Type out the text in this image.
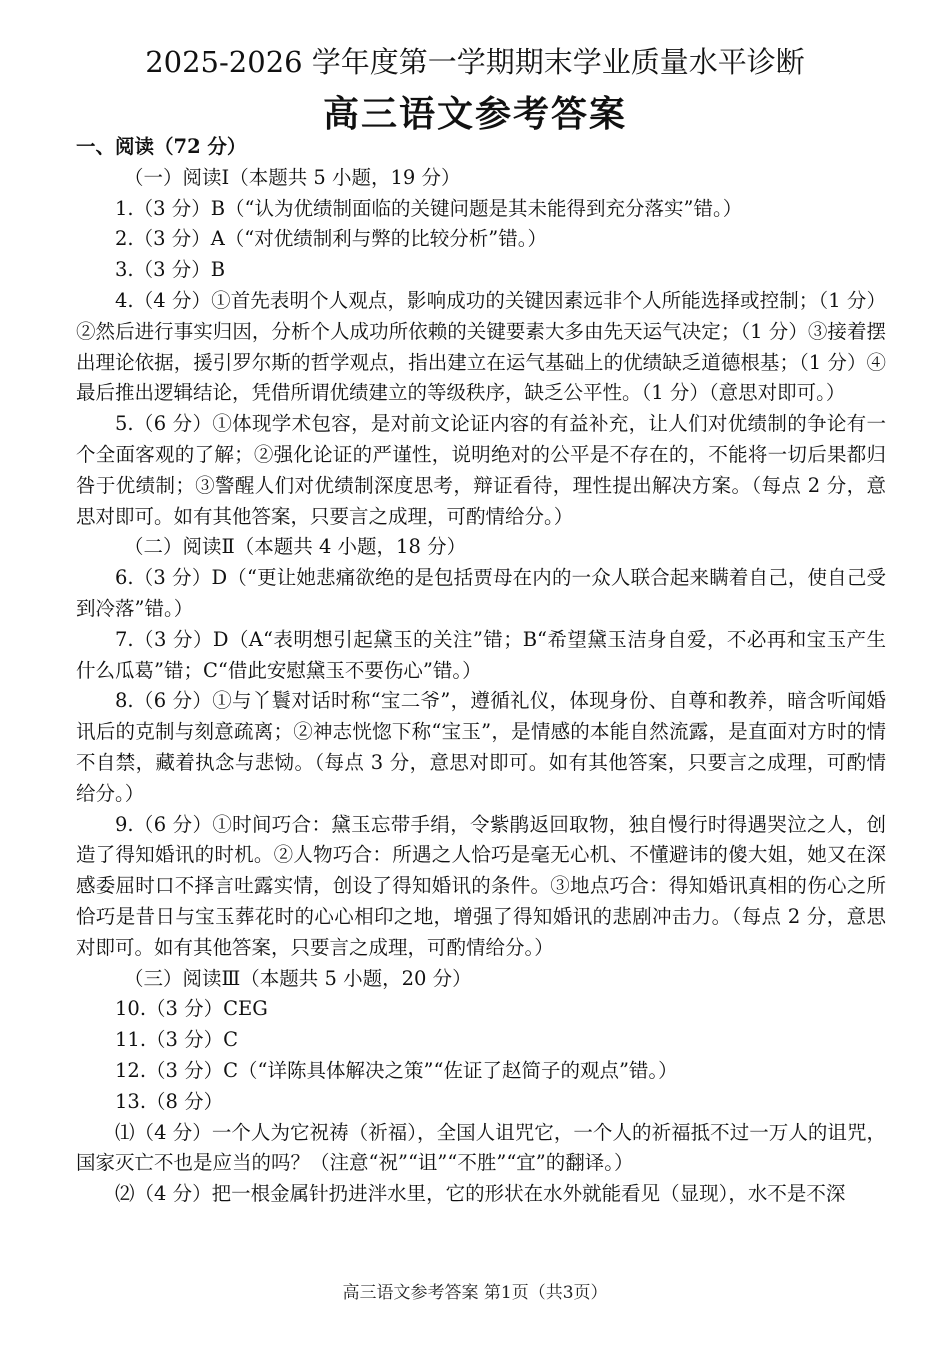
2025-2026 学年度第一学期期末学业质量水平诊断
高三语文参考答案

一、阅读（72 分）

（一）阅读Ⅰ（本题共 5 小题，19 分）

1.（3 分）B（“认为优绩制面临的关键问题是其未能得到充分落实”错。）

2.（3 分）A（“对优绩制利与弊的比较分析”错。）

3.（3 分）B

4.（4 分）①首先表明个人观点，影响成功的关键因素远非个人所能选择或控制；（1 分）②然后进行事实归因，分析个人成功所依赖的关键要素大多由先天运气决定；（1 分）③接着摆出理论依据，援引罗尔斯的哲学观点，指出建立在运气基础上的优绩缺乏道德根基；（1 分）④最后推出逻辑结论，凭借所谓优绩建立的等级秩序，缺乏公平性。（1 分）（意思对即可。）

5.（6 分）①体现学术包容，是对前文论证内容的有益补充，让人们对优绩制的争论有一个全面客观的了解；②强化论证的严谨性，说明绝对的公平是不存在的，不能将一切后果都归咎于优绩制；③警醒人们对优绩制深度思考，辩证看待，理性提出解决方案。（每点 2 分，意思对即可。如有其他答案，只要言之成理，可酌情给分。）

（二）阅读Ⅱ（本题共 4 小题，18 分）

6.（3 分）D（“更让她悲痛欲绝的是包括贾母在内的一众人联合起来瞒着自己，使自己受到冷落”错。）

7.（3 分）D（A“表明想引起黛玉的关注”错；B“希望黛玉洁身自爱，不必再和宝玉产生什么瓜葛”错；C“借此安慰黛玉不要伤心”错。）

8.（6 分）①与丫鬟对话时称“宝二爷”，遵循礼仪，体现身份、自尊和教养，暗含听闻婚讯后的克制与刻意疏离；②神志恍惚下称“宝玉”，是情感的本能自然流露，是直面对方时的情不自禁，藏着执念与悲恸。（每点 3 分，意思对即可。如有其他答案，只要言之成理，可酌情给分。）

9.（6 分）①时间巧合：黛玉忘带手绢，令紫鹃返回取物，独自慢行时得遇哭泣之人，创造了得知婚讯的时机。②人物巧合：所遇之人恰巧是毫无心机、不懂避讳的傻大姐，她又在深感委屈时口不择言吐露实情，创设了得知婚讯的条件。③地点巧合：得知婚讯真相的伤心之所恰巧是昔日与宝玉葬花时的心心相印之地，增强了得知婚讯的悲剧冲击力。（每点 2 分，意思对即可。如有其他答案，只要言之成理，可酌情给分。）

（三）阅读Ⅲ（本题共 5 小题，20 分）

10.（3 分）CEG

11.（3 分）C

12.（3 分）C（“详陈具体解决之策”“佐证了赵简子的观点”错。）

13.（8 分）

⑴（4 分）一个人为它祝祷（祈福），全国人诅咒它，一个人的祈福抵不过一万人的诅咒，国家灭亡不也是应当的吗？（注意“祝”“诅”“不胜”“宜”的翻译。）

⑵（4 分）把一根金属针扔进泮水里，它的形状在水外就能看见（显现），水不是不深

高三语文参考答案 第1页（共3页）
